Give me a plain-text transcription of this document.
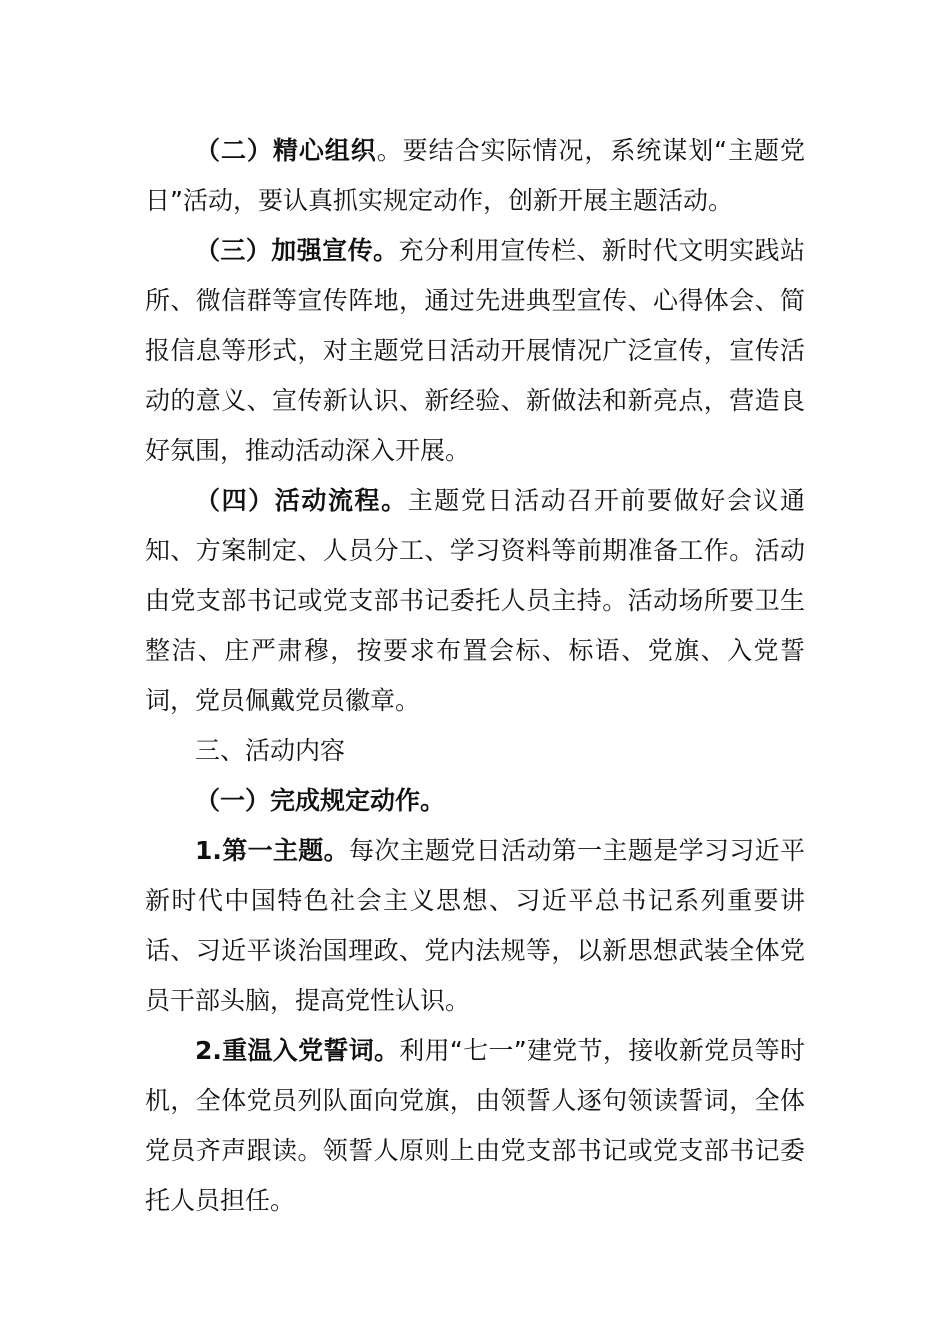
（二）精心组织。要结合实际情况，系统谋划“主题党日”活动，要认真抓实规定动作，创新开展主题活动。

（三）加强宣传。充分利用宣传栏、新时代文明实践站所、微信群等宣传阵地，通过先进典型宣传、心得体会、简报信息等形式，对主题党日活动开展情况广泛宣传，宣传活动的意义、宣传新认识、新经验、新做法和新亮点，营造良好氛围，推动活动深入开展。

（四）活动流程。主题党日活动召开前要做好会议通知、方案制定、人员分工、学习资料等前期准备工作。活动由党支部书记或党支部书记委托人员主持。活动场所要卫生整洁、庄严肃穆，按要求布置会标、标语、党旗、入党誓词，党员佩戴党员徽章。

三、活动内容

（一）完成规定动作。

1.第一主题。每次主题党日活动第一主题是学习习近平新时代中国特色社会主义思想、习近平总书记系列重要讲话、习近平谈治国理政、党内法规等，以新思想武装全体党员干部头脑，提高党性认识。

2.重温入党誓词。利用“七一”建党节，接收新党员等时机，全体党员列队面向党旗，由领誓人逐句领读誓词，全体党员齐声跟读。领誓人原则上由党支部书记或党支部书记委托人员担任。
